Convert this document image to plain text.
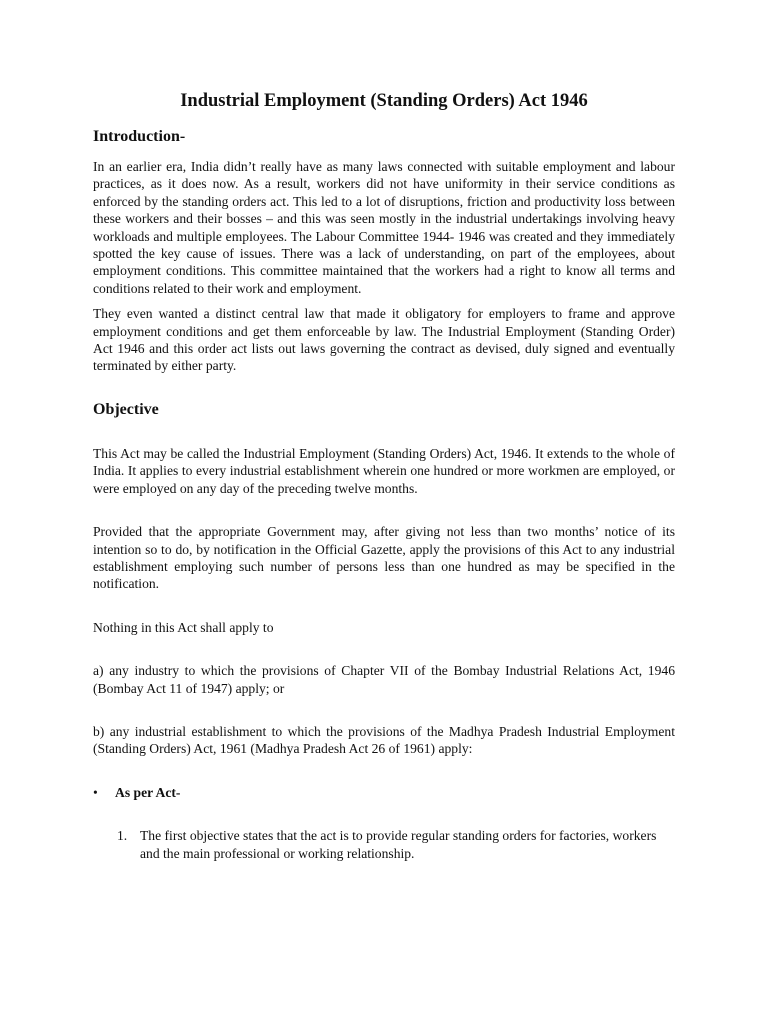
Industrial Employment (Standing Orders) Act 1946
Introduction-

In an earlier era, India didn’t really have as many laws connected with suitable employment and labour practices, as it does now. As a result, workers did not have uniformity in their service conditions as enforced by the standing orders act. This led to a lot of disruptions, friction and productivity loss between these workers and their bosses – and this was seen mostly in the industrial undertakings involving heavy workloads and multiple employees. The Labour Committee 1944- 1946 was created and they immediately spotted the key cause of issues. There was a lack of understanding, on part of the employees, about employment conditions. This committee maintained that the workers had a right to know all terms and conditions related to their work and employment.

They even wanted a distinct central law that made it obligatory for employers to frame and approve employment conditions and get them enforceable by law. The Industrial Employment (Standing Order) Act 1946 and this order act lists out laws governing the contract as devised, duly signed and eventually terminated by either party.

Objective

This Act may be called the Industrial Employment (Standing Orders) Act, 1946. It extends to the whole of India. It applies to every industrial establishment wherein one hundred or more workmen are employed, or were employed on any day of the preceding twelve months.

Provided that the appropriate Government may, after giving not less than two months’ notice of its intention so to do, by notification in the Official Gazette, apply the provisions of this Act to any industrial establishment employing such number of persons less than one hundred as may be specified in the notification.

Nothing in this Act shall apply to

a) any industry to which the provisions of Chapter VII of the Bombay Industrial Relations Act, 1946 (Bombay Act 11 of 1947) apply; or

b) any industrial establishment to which the provisions of the Madhya Pradesh Industrial Employment (Standing Orders) Act, 1961 (Madhya Pradesh Act 26 of 1961) apply:

•	As per Act-
1. The first objective states that the act is to provide regular standing orders for factories, workers and the main professional or working relationship.
